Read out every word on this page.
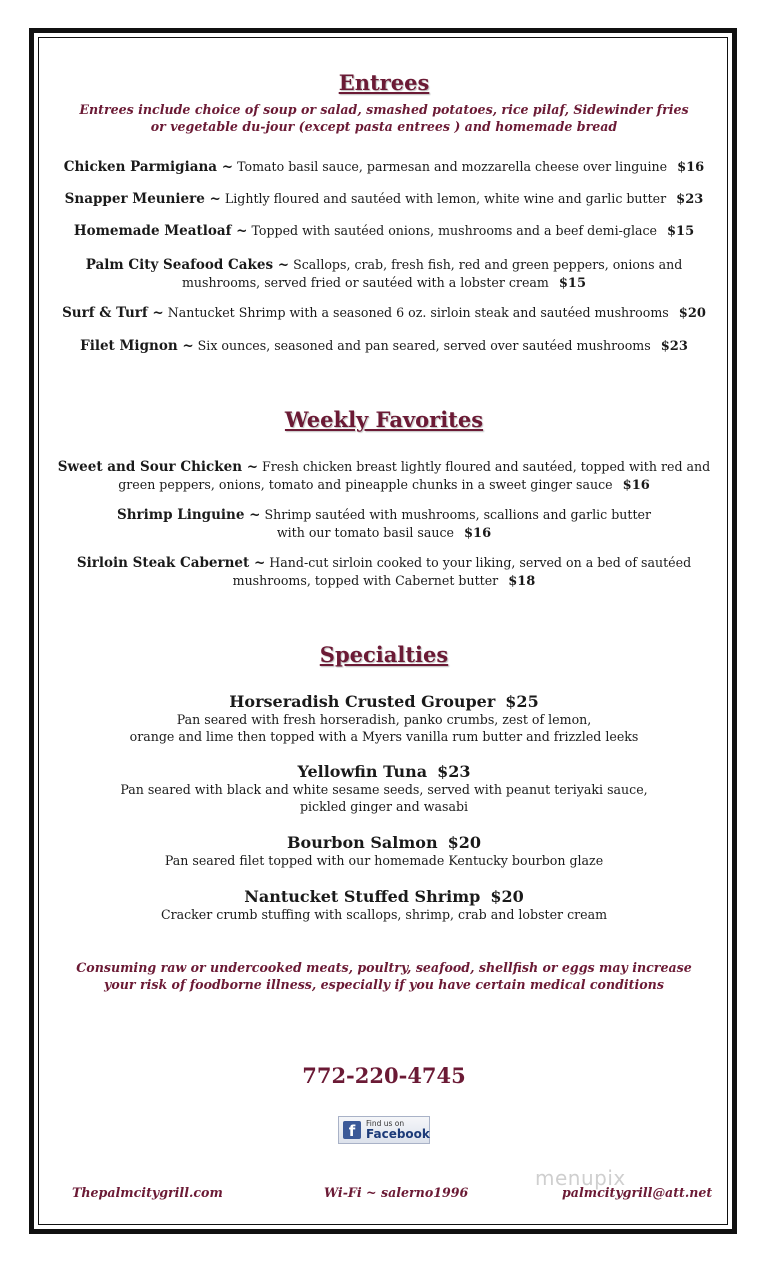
Entrees

Entrees include choice of soup or salad, smashed potatoes, rice pilaf, Sidewinder fries

or vegetable du-jour (except pasta entrees ) and homemade bread

Chicken Parmigiana ~ Tomato basil sauce, parmesan and mozzarella cheese over linguine $16

Snapper Meuniere ~ Lightly floured and sautéed with lemon, white wine and garlic butter $23

Homemade Meatloaf ~ Topped with sautéed onions, mushrooms and a beef demi-glace $15

Palm City Seafood Cakes ~ Scallops, crab, fresh fish, red and green peppers, onions and

mushrooms, served fried or sautéed with a lobster cream $15

Surf & Turf ~ Nantucket Shrimp with a seasoned 6 oz. sirloin steak and sautéed mushrooms $20

Filet Mignon ~ Six ounces, seasoned and pan seared, served over sautéed mushrooms $23

Weekly Favorites

Sweet and Sour Chicken ~ Fresh chicken breast lightly floured and sautéed, topped with red and

green peppers, onions, tomato and pineapple chunks in a sweet ginger sauce $16

Shrimp Linguine ~ Shrimp sautéed with mushrooms, scallions and garlic butter

with our tomato basil sauce $16

Sirloin Steak Cabernet ~ Hand-cut sirloin cooked to your liking, served on a bed of sautéed

mushrooms, topped with Cabernet butter $18

Specialties
Horseradish Crusted Grouper $25
Pan seared with fresh horseradish, panko crumbs, zest of lemon,
orange and lime then topped with a Myers vanilla rum butter and frizzled leeks
Yellowfin Tuna $23
Pan seared with black and white sesame seeds, served with peanut teriyaki sauce,
pickled ginger and wasabi
Bourbon Salmon $20
Pan seared filet topped with our homemade Kentucky bourbon glaze
Nantucket Stuffed Shrimp $20
Cracker crumb stuffing with scallops, shrimp, crab and lobster cream

Consuming raw or undercooked meats, poultry, seafood, shellfish or eggs may increase

your risk of foodborne illness, especially if you have certain medical conditions

772-220-4745

f	Find us on
Facebook
menupix
Thepalmcitygrill.com	Wi-Fi ~ salerno1996	palmcitygrill@att.net
